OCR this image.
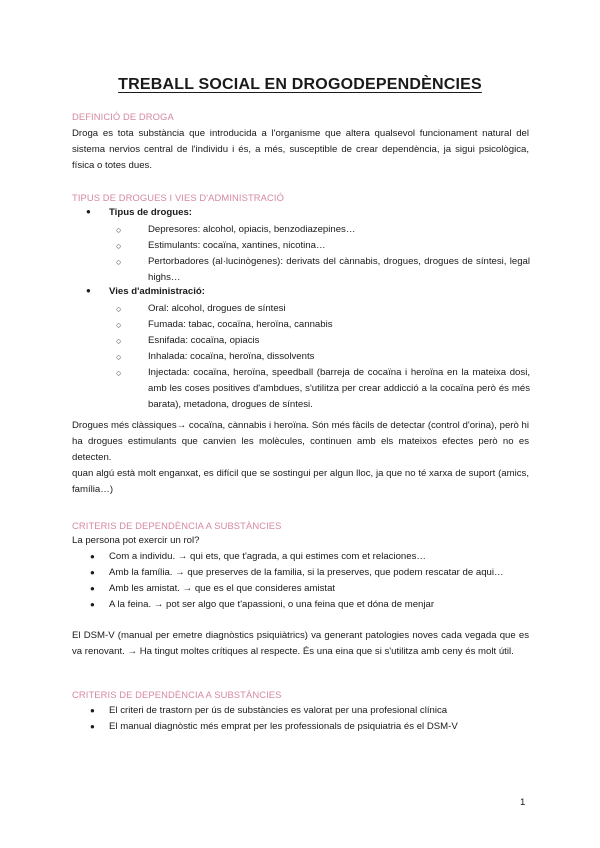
TREBALL SOCIAL EN DROGODEPENDÈNCIES
DEFINICIÓ DE DROGA
Droga es tota substància que introducida a l'organisme que altera qualsevol funcionament natural del sistema nervios central de l'individu i és, a més, susceptible de crear dependència, ja sigui psicològica, física o totes dues.
TIPUS DE DROGUES I VIES D'ADMINISTRACIÓ
● Tipus de drogues:
○	Depresores: alcohol, opiacis, benzodiazepines…
○	Estimulants: cocaïna, xantines, nicotina…
○	Pertorbadores (al·lucinògenes): derivats del cànnabis, drogues, drogues de síntesi, legal highs…
● Vies d'administració:
○	Oral: alcohol, drogues de síntesi
○	Fumada: tabac, cocaïna, heroïna, cannabis
○	Esnifada: cocaïna, opiacis
○	Inhalada: cocaïna, heroïna, dissolvents
○	Injectada: cocaïna, heroïna, speedball (barreja de cocaïna i heroïna en la mateixa dosi, amb les coses positives d'ambdues, s'utilitza per crear addicció a la cocaïna però és més barata), metadona, drogues de síntesi.
Drogues més clàssiques→ cocaïna, cànnabis i heroïna. Són més fàcils de detectar (control d'orina), però hi ha drogues estimulants que canvien les molècules, continuen amb els mateixos efectes però no es detecten.
quan algú està molt enganxat, es difícil que se sostingui per algun lloc, ja que no té xarxa de suport (amics, família…)
CRITERIS DE DEPENDÈNCIA A SUBSTÀNCIES
La persona pot exercir un rol?
● Com a individu. → qui ets, que t'agrada, a qui estimes com et relaciones…
● Amb la família. → que preserves de la familia, si la preserves, que podem rescatar de aqui…
● Amb les amistat. → que es el que consideres amistat
● A la feina. → pot ser algo que t'apassioni, o una feina que et dóna de menjar
El DSM-V (manual per emetre diagnòstics psiquiàtrics) va generant patologies noves cada vegada que es va renovant. → Ha tingut moltes crítiques al respecte. És una eina que si s'utilitza amb ceny és molt útil.
CRITERIS DE DEPENDÈNCIA A SUBSTÀNCIES
● El criteri de trastorn per ús de substàncies es valorat per una profesional clínica
● El manual diagnòstic més emprat per les professionals de psiquiatria és el DSM-V
1
